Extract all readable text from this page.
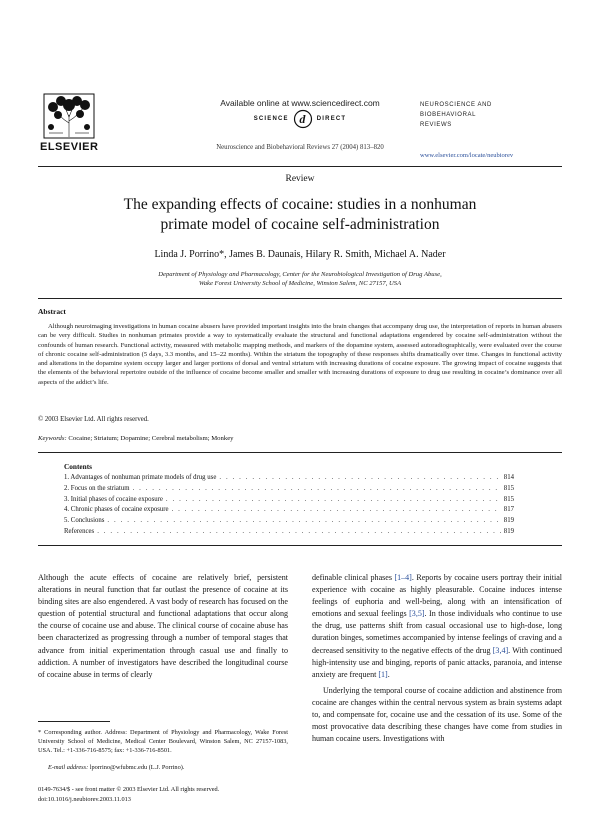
ELSEVIER
Available online at www.sciencedirect.com
SCIENCE d DIRECT
Neuroscience and Biobehavioral Reviews 27 (2004) 813–820
NEUROSCIENCE AND
BIOBEHAVIORAL
REVIEWS
www.elsevier.com/locate/neubiorev
Review
The expanding effects of cocaine: studies in a nonhuman
primate model of cocaine self-administration
Linda J. Porrino*, James B. Daunais, Hilary R. Smith, Michael A. Nader
Department of Physiology and Pharmacology, Center for the Neurobiological Investigation of Drug Abuse,
Wake Forest University School of Medicine, Winston Salem, NC 27157, USA
Abstract
Although neuroimaging investigations in human cocaine abusers have provided important insights into the brain changes that accompany drug use, the interpretation of reports in human abusers can be very difficult. Studies in nonhuman primates provide a way to systematically evaluate the structural and functional adaptations engendered by cocaine self-administration without the confounds of human research. Functional activity, measured with metabolic mapping methods, and markers of the dopamine system, assessed autoradiographically, were evaluated over the course of chronic cocaine self-administration (5 days, 3.3 months, and 15–22 months). Within the striatum the topography of these responses shifts dramatically over time. Changes in functional activity and alterations in the dopamine system occupy larger and larger portions of dorsal and ventral striatum with increasing durations of cocaine exposure. The growing impact of cocaine suggests that the elements of the behavioral repertoire outside of the influence of cocaine become smaller and smaller with increasing durations of exposure to drug use resulting in cocaine’s dominance over all aspects of the addict’s life.
© 2003 Elsevier Ltd. All rights reserved.
Keywords: Cocaine; Striatum; Dopamine; Cerebral metabolism; Monkey
Contents
1. Advantages of nonhuman primate models of drug use . . .	814
2. Focus on the striatum . . .	815
3. Initial phases of cocaine exposure . . .	815
4. Chronic phases of cocaine exposure . . .	817
5. Conclusions . . .	819
References . . .	819

Although the acute effects of cocaine are relatively brief, persistent alterations in neural function that far outlast the presence of cocaine at its binding sites are also engendered. A vast body of research has focused on the question of potential structural and functional adaptations that occur along the course of cocaine use and abuse. The clinical course of cocaine abuse has been characterized as progressing through a number of temporal stages that advance from initial experimentation through casual use and finally to addiction. A number of investigators have described the longitudinal course of cocaine abuse in terms of clearly

definable clinical phases [1–4]. Reports by cocaine users portray their initial experience with cocaine as highly pleasurable. Cocaine induces intense feelings of euphoria and well-being, along with an intensification of emotions and sexual feelings [3,5]. In those individuals who continue to use the drug, use patterns shift from casual occasional use to high-dose, long duration binges, sometimes accompanied by intense feelings of craving and a decreased sensitivity to the negative effects of the drug [3,4]. With continued high-intensity use and binging, reports of panic attacks, paranoia, and intense anxiety are frequent [1].

Underlying the temporal course of cocaine addiction and abstinence from cocaine are changes within the central nervous system as brain systems adapt to, and compensate for, cocaine use and the cessation of its use. Some of the most provocative data describing these changes have come from studies in human cocaine users. Investigations with

* Corresponding author. Address: Department of Physiology and Pharmacology, Wake Forest University School of Medicine, Medical Center Boulevard, Winston Salem, NC 27157-1083, USA. Tel.: +1-336-716-8575; fax: +1-336-716-8501.
E-mail address: lporrino@wfubmc.edu (L.J. Porrino).
0149-7634/$ - see front matter © 2003 Elsevier Ltd. All rights reserved.
doi:10.1016/j.neubiorev.2003.11.013
